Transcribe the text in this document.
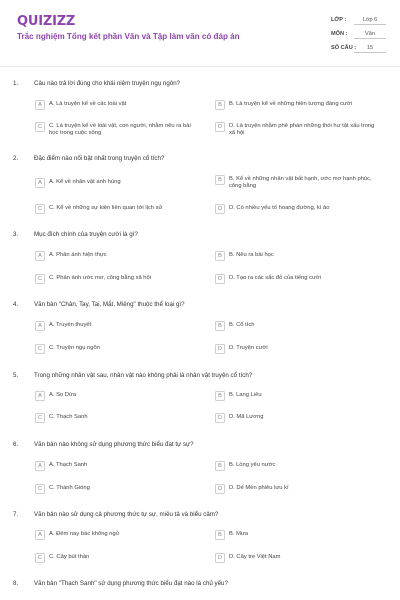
QUIZIZZ
Trắc nghiệm Tổng kết phần Văn và Tập làm văn có đáp án
LỚP :	Lớp 6
MÔN :	Văn
SỐ CÂU :	15
1.	Câu nào trả lời đúng cho khái niệm truyện ngụ ngôn?
A	A. Là truyện kể về các loài vật	B	B. Là truyện kể về những hiện tượng đáng cười
C	C. Là truyện kể về loài vật, con người, nhằm nêu ra bài học trong cuộc sống
D	D. Là truyện nhằm phê phán những thói hư tật xấu trong xã hội
2.	Đặc điểm nào nổi bật nhất trong truyện cổ tích?
A	A. Kể về nhân vật anh hùng	B	B. Kể về những nhân vật bất hạnh, ước mơ hạnh phúc, công bằng
C	C. Kể về những sự kiện liên quan tới lịch sử	D	D. Có nhiều yếu tố hoang đường, kì ảo
3.	Mục đích chính của truyện cười là gì?
A	A. Phản ánh hiện thực	B	B. Nêu ra bài học
C	C. Phản ánh ước mơ, công bằng xã hội	D	D. Tạo ra các sắc đỏ của tiếng cười
4.	Văn bản "Chân, Tay, Tai, Mắt, Miệng" thuộc thể loại gì?
A	A. Truyền thuyết	B	B. Cổ tích
C	C. Truyện ngụ ngôn	D	D. Truyện cười
5.	Trong những nhân vật sau, nhân vật nào không phải là nhân vật truyện cổ tích?
A	A. Sọ Dừa	B	B. Lang Liêu
C	C. Thạch Sanh	D	D. Mã Lương
6.	Văn bản nào không sử dụng phương thức biểu đạt tự sự?
A	A. Thạch Sanh	B	B. Lòng yêu nước
C	C. Thánh Gióng	D	D. Dế Mèn phiêu lưu kí
7.	Văn bản nào sử dụng cả phương thức tự sự, miêu tả và biểu cảm?
A	A. Đêm nay bác không ngủ	B	B. Mưa
C	C. Cây bút thần	D	D. Cây tre Việt Nam
8.	Văn bản "Thạch Sanh" sử dụng phương thức biểu đạt nào là chủ yếu?
